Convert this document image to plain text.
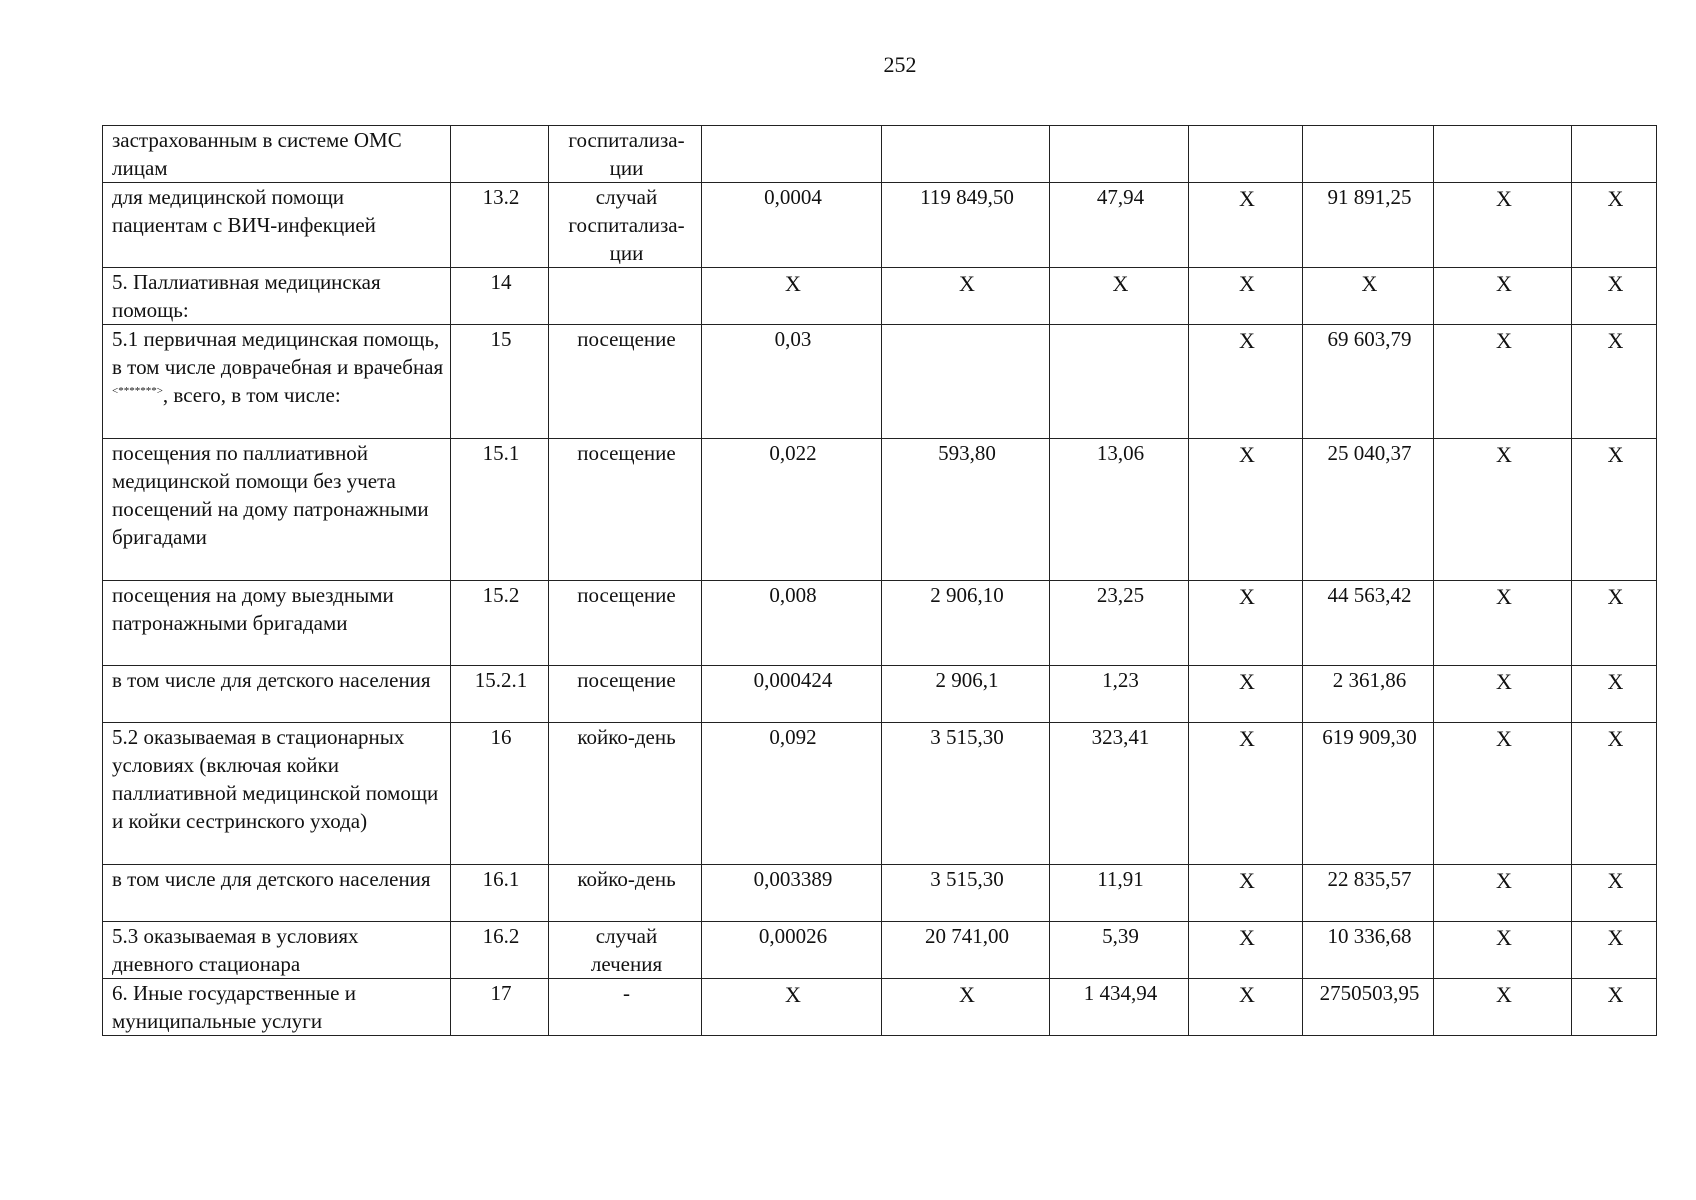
252
застрахованным в системе ОМС лицам		госпитализа-ции							
для медицинской помощи пациентам с ВИЧ-инфекцией	13.2	случай госпитализа-ции	0,0004	119 849,50	47,94	X	91 891,25	X	X
5. Паллиативная медицинская помощь:	14		X	X	X	X	X	X	X
5.1 первичная медицинская помощь, в том числе доврачебная и врачебная <*******>, всего, в том числе:	15	посещение	0,03			X	69 603,79	X	X
посещения по паллиативной медицинской помощи без учета посещений на дому патронажными бригадами	15.1	посещение	0,022	593,80	13,06	X	25 040,37	X	X
посещения на дому выездными патронажными бригадами	15.2	посещение	0,008	2 906,10	23,25	X	44 563,42	X	X
в том числе для детского населения	15.2.1	посещение	0,000424	2 906,1	1,23	X	2 361,86	X	X
5.2 оказываемая в стационарных условиях (включая койки паллиативной медицинской помощи и койки сестринского ухода)	16	койко-день	0,092	3 515,30	323,41	X	619 909,30	X	X
в том числе для детского населения	16.1	койко-день	0,003389	3 515,30	11,91	X	22 835,57	X	X
5.3 оказываемая в условиях дневного стационара	16.2	случай лечения	0,00026	20 741,00	5,39	X	10 336,68	X	X
6. Иные государственные и муниципальные услуги	17	-	X	X	1 434,94	X	2750503,95	X	X
